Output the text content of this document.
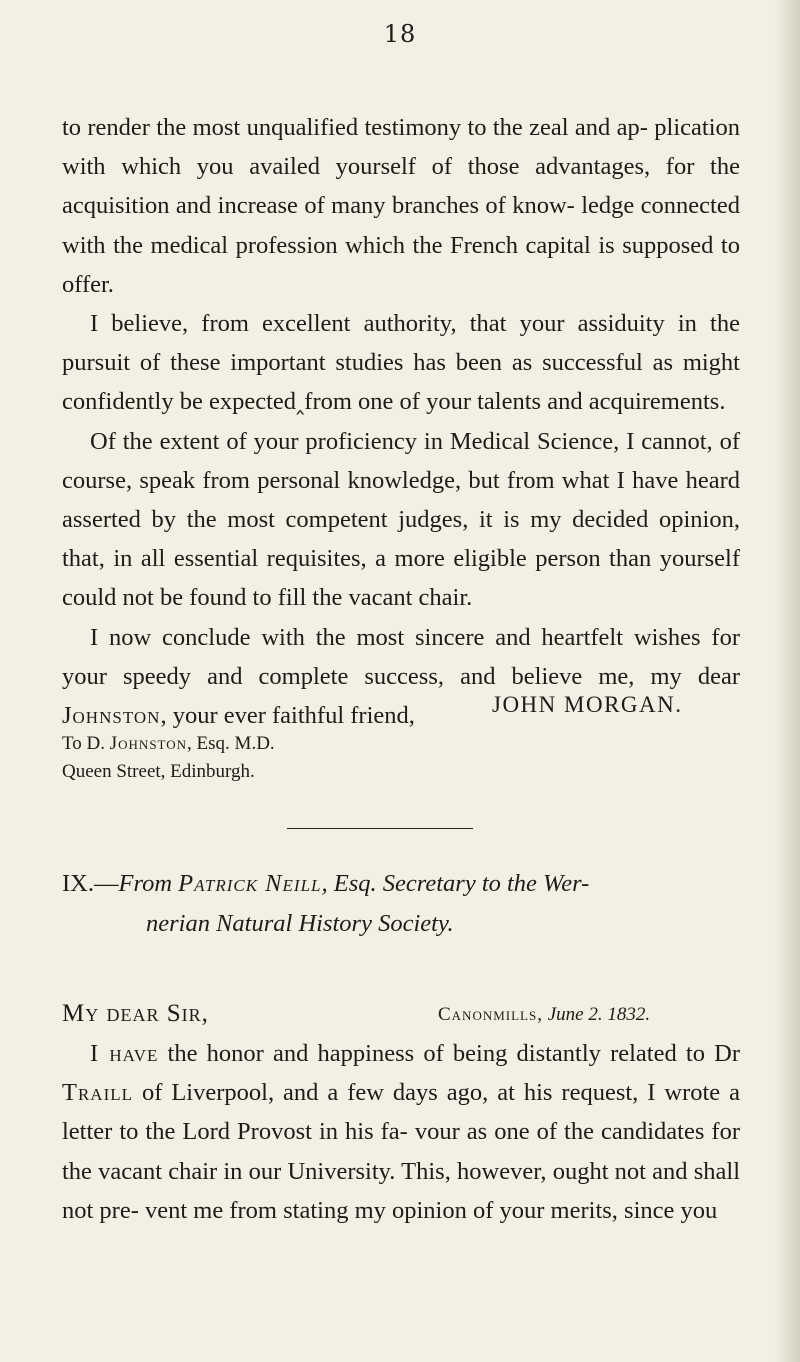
18

to render the most unqualified testimony to the zeal and ap- plication with which you availed yourself of those advantages, for the acquisition and increase of many branches of know- ledge connected with the medical profession which the French capital is supposed to offer.

I believe, from excellent authority, that your assiduity in the pursuit of these important studies has been as successful as might confidently be expected‸from one of your talents and acquirements.

Of the extent of your proficiency in Medical Science, I cannot, of course, speak from personal knowledge, but from what I have heard asserted by the most competent judges, it is my decided opinion, that, in all essential requisites, a more eligible person than yourself could not be found to fill the vacant chair.

I now conclude with the most sincere and heartfelt wishes for your speedy and complete success, and believe me, my dear Johnston, your ever faithful friend,	JOHN MORGAN.
To D. Johnston, Esq. M.D.
Queen Street, Edinburgh.
IX.—From Patrick Neill, Esq. Secretary to the Wer-
nerian Natural History Society.
My dear Sir,	Canonmills, June 2. 1832.

I have the honor and happiness of being distantly related to Dr Traill of Liverpool, and a few days ago, at his request, I wrote a letter to the Lord Provost in his fa- vour as one of the candidates for the vacant chair in our University. This, however, ought not and shall not pre- vent me from stating my opinion of your merits, since you
